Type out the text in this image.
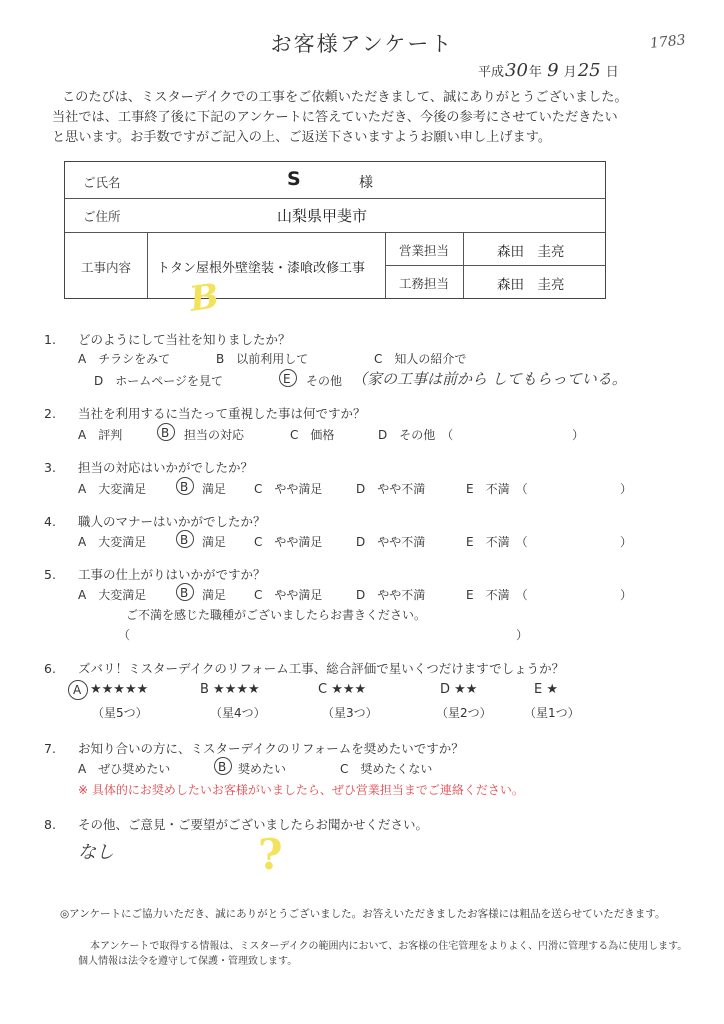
お客様アンケート	1783
平成30年 9 月25 日
このたびは、ミスターデイクでの工事をご依頼いただきまして、誠にありがとうございました。
当社では、工事終了後に下記のアンケートに答えていただき、今後の参考にさせていただきたい
と思います。お手数ですがご記入の上、ご返送下さいますようお願い申し上げます。
ご氏名	S	様
ご住所	山梨県甲斐市
工事内容 トタン屋根外壁塗装・漆喰改修工事
営業担当	森田　圭亮
工務担当	森田　圭亮
B
1. どのようにして当社を知りましたか？
A　チラシをみて	B　以前利用して	C　知人の紹介で
D　ホームページを見て	E その他 （家の工事は前から してもらっている。
2. 当社を利用するに当たって重視した事は何ですか？
A　評判	B 担当の対応	C　価格	D　その他　（	）
3. 担当の対応はいかがでしたか？
A　大変満足	B 満足 C　やや満足	D　やや不満	E　不満　（	）
4. 職人のマナーはいかがでしたか？
A　大変満足	B 満足 C　やや満足	D　やや不満	E　不満　（	）
5. 工事の仕上がりはいかがですか？
A　大変満足	B 満足 C　やや満足	D　やや不満	E　不満　（	）
ご不満を感じた職種がございましたらお書きください。
（	）
6. ズバリ！ミスターデイクのリフォーム工事、総合評価で星いくつだけますでしょうか？
A ★★★★★	B ★★★★	C ★★★	D ★★	E ★
（星5つ）	（星4つ）	（星3つ）	（星2つ）	（星1つ）
7. お知り合いの方に、ミスターデイクのリフォームを奨めたいですか？
A　ぜひ奨めたい	B 奨めたい	C　奨めたくない
※ 具体的にお奨めしたいお客様がいましたら、ぜひ営業担当までご連絡ください。
8. その他、ご意見・ご要望がございましたらお聞かせください。
なし	?
◎アンケートにご協力いただき、誠にありがとうございました。お答えいただきましたお客様には粗品を送らせていただきます。
本アンケートで取得する情報は、ミスターデイクの範囲内において、お客様の住宅管理をよりよく、円滑に管理する為に使用します。
個人情報は法令を遵守して保護・管理致します。
